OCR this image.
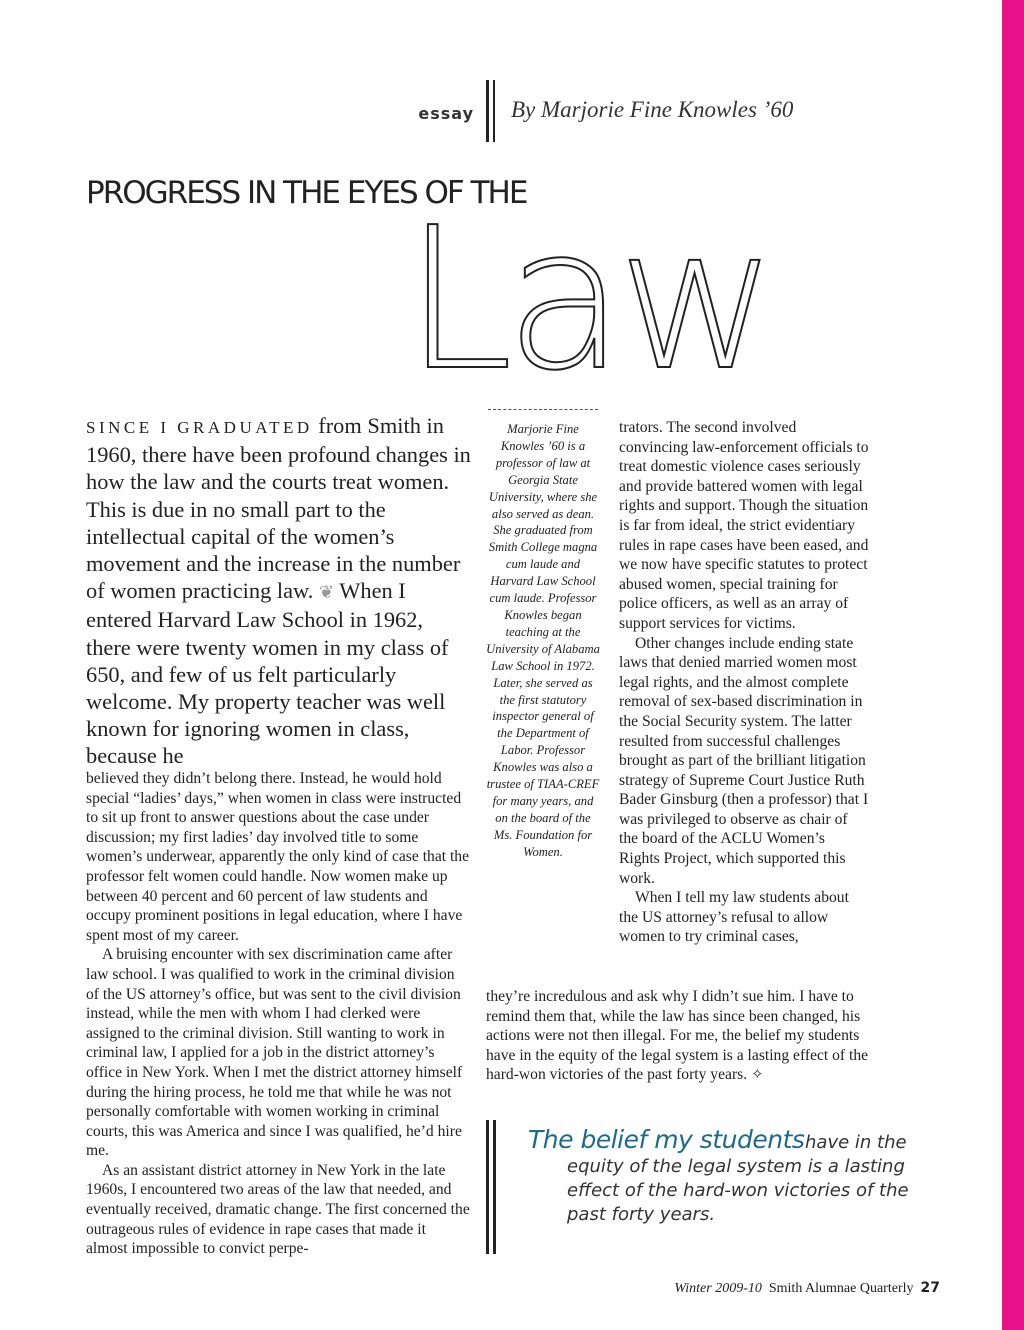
essay By Marjorie Fine Knowles ’60
PROGRESS IN THE EYES OF THE
Law
SINCE I GRADUATED from Smith in 1960, there have been profound changes in how the law and the courts treat women. This is due in no small part to the intellectual capital of the women’s movement and the increase in the number of women practicing law. ❦ When I entered Harvard Law School in 1962, there were twenty women in my class of 650, and few of us felt particularly welcome. My property teacher was well known for ignoring women in class, because he

believed they didn’t belong there. Instead, he would hold special “ladies’ days,” when women in class were instructed to sit up front to answer questions about the case under discussion; my first ladies’ day involved title to some women’s underwear, apparently the only kind of case that the professor felt women could handle. Now women make up between 40 percent and 60 percent of law students and occupy prominent positions in legal education, where I have spent most of my career.

A bruising encounter with sex discrimination came after law school. I was qualified to work in the criminal division of the US attorney’s office, but was sent to the civil division instead, while the men with whom I had clerked were assigned to the criminal division. Still wanting to work in criminal law, I applied for a job in the district attorney’s office in New York. When I met the district attorney himself during the hiring process, he told me that while he was not personally comfortable with women working in criminal courts, this was America and since I was qualified, he’d hire me.

As an assistant district attorney in New York in the late 1960s, I encountered two areas of the law that needed, and eventually received, dramatic change. The first concerned the outrageous rules of evidence in rape cases that made it almost impossible to convict perpe-

Marjorie Fine Knowles ’60 is a professor of law at Georgia State University, where she also served as dean. She graduated from Smith College magna cum laude and Harvard Law School cum laude. Professor Knowles began teaching at the University of Alabama Law School in 1972. Later, she served as the first statutory inspector general of the Department of Labor. Professor Knowles was also a trustee of TIAA-CREF for many years, and on the board of the Ms. Foundation for Women.

trators. The second involved convincing law-enforcement officials to treat domestic violence cases seriously and provide battered women with legal rights and support. Though the situation is far from ideal, the strict evidentiary rules in rape cases have been eased, and we now have specific statutes to protect abused women, special training for police officers, as well as an array of support services for victims.

Other changes include ending state laws that denied married women most legal rights, and the almost complete removal of sex-based discrimination in the Social Security system. The latter resulted from successful challenges brought as part of the brilliant litigation strategy of Supreme Court Justice Ruth Bader Ginsburg (then a professor) that I was privileged to observe as chair of the board of the ACLU Women’s Rights Project, which supported this work.

When I tell my law students about the US attorney’s refusal to allow women to try criminal cases,

they’re incredulous and ask why I didn’t sue him. I have to remind them that, while the law has since been changed, his actions were not then illegal. For me, the belief my students have in the equity of the legal system is a lasting effect of the hard-won victories of the past forty years. ✧
The belief my students have in the equity of the legal system is a lasting effect of the hard-won victories of the past forty years.
Winter 2009-10 Smith Alumnae Quarterly 27
